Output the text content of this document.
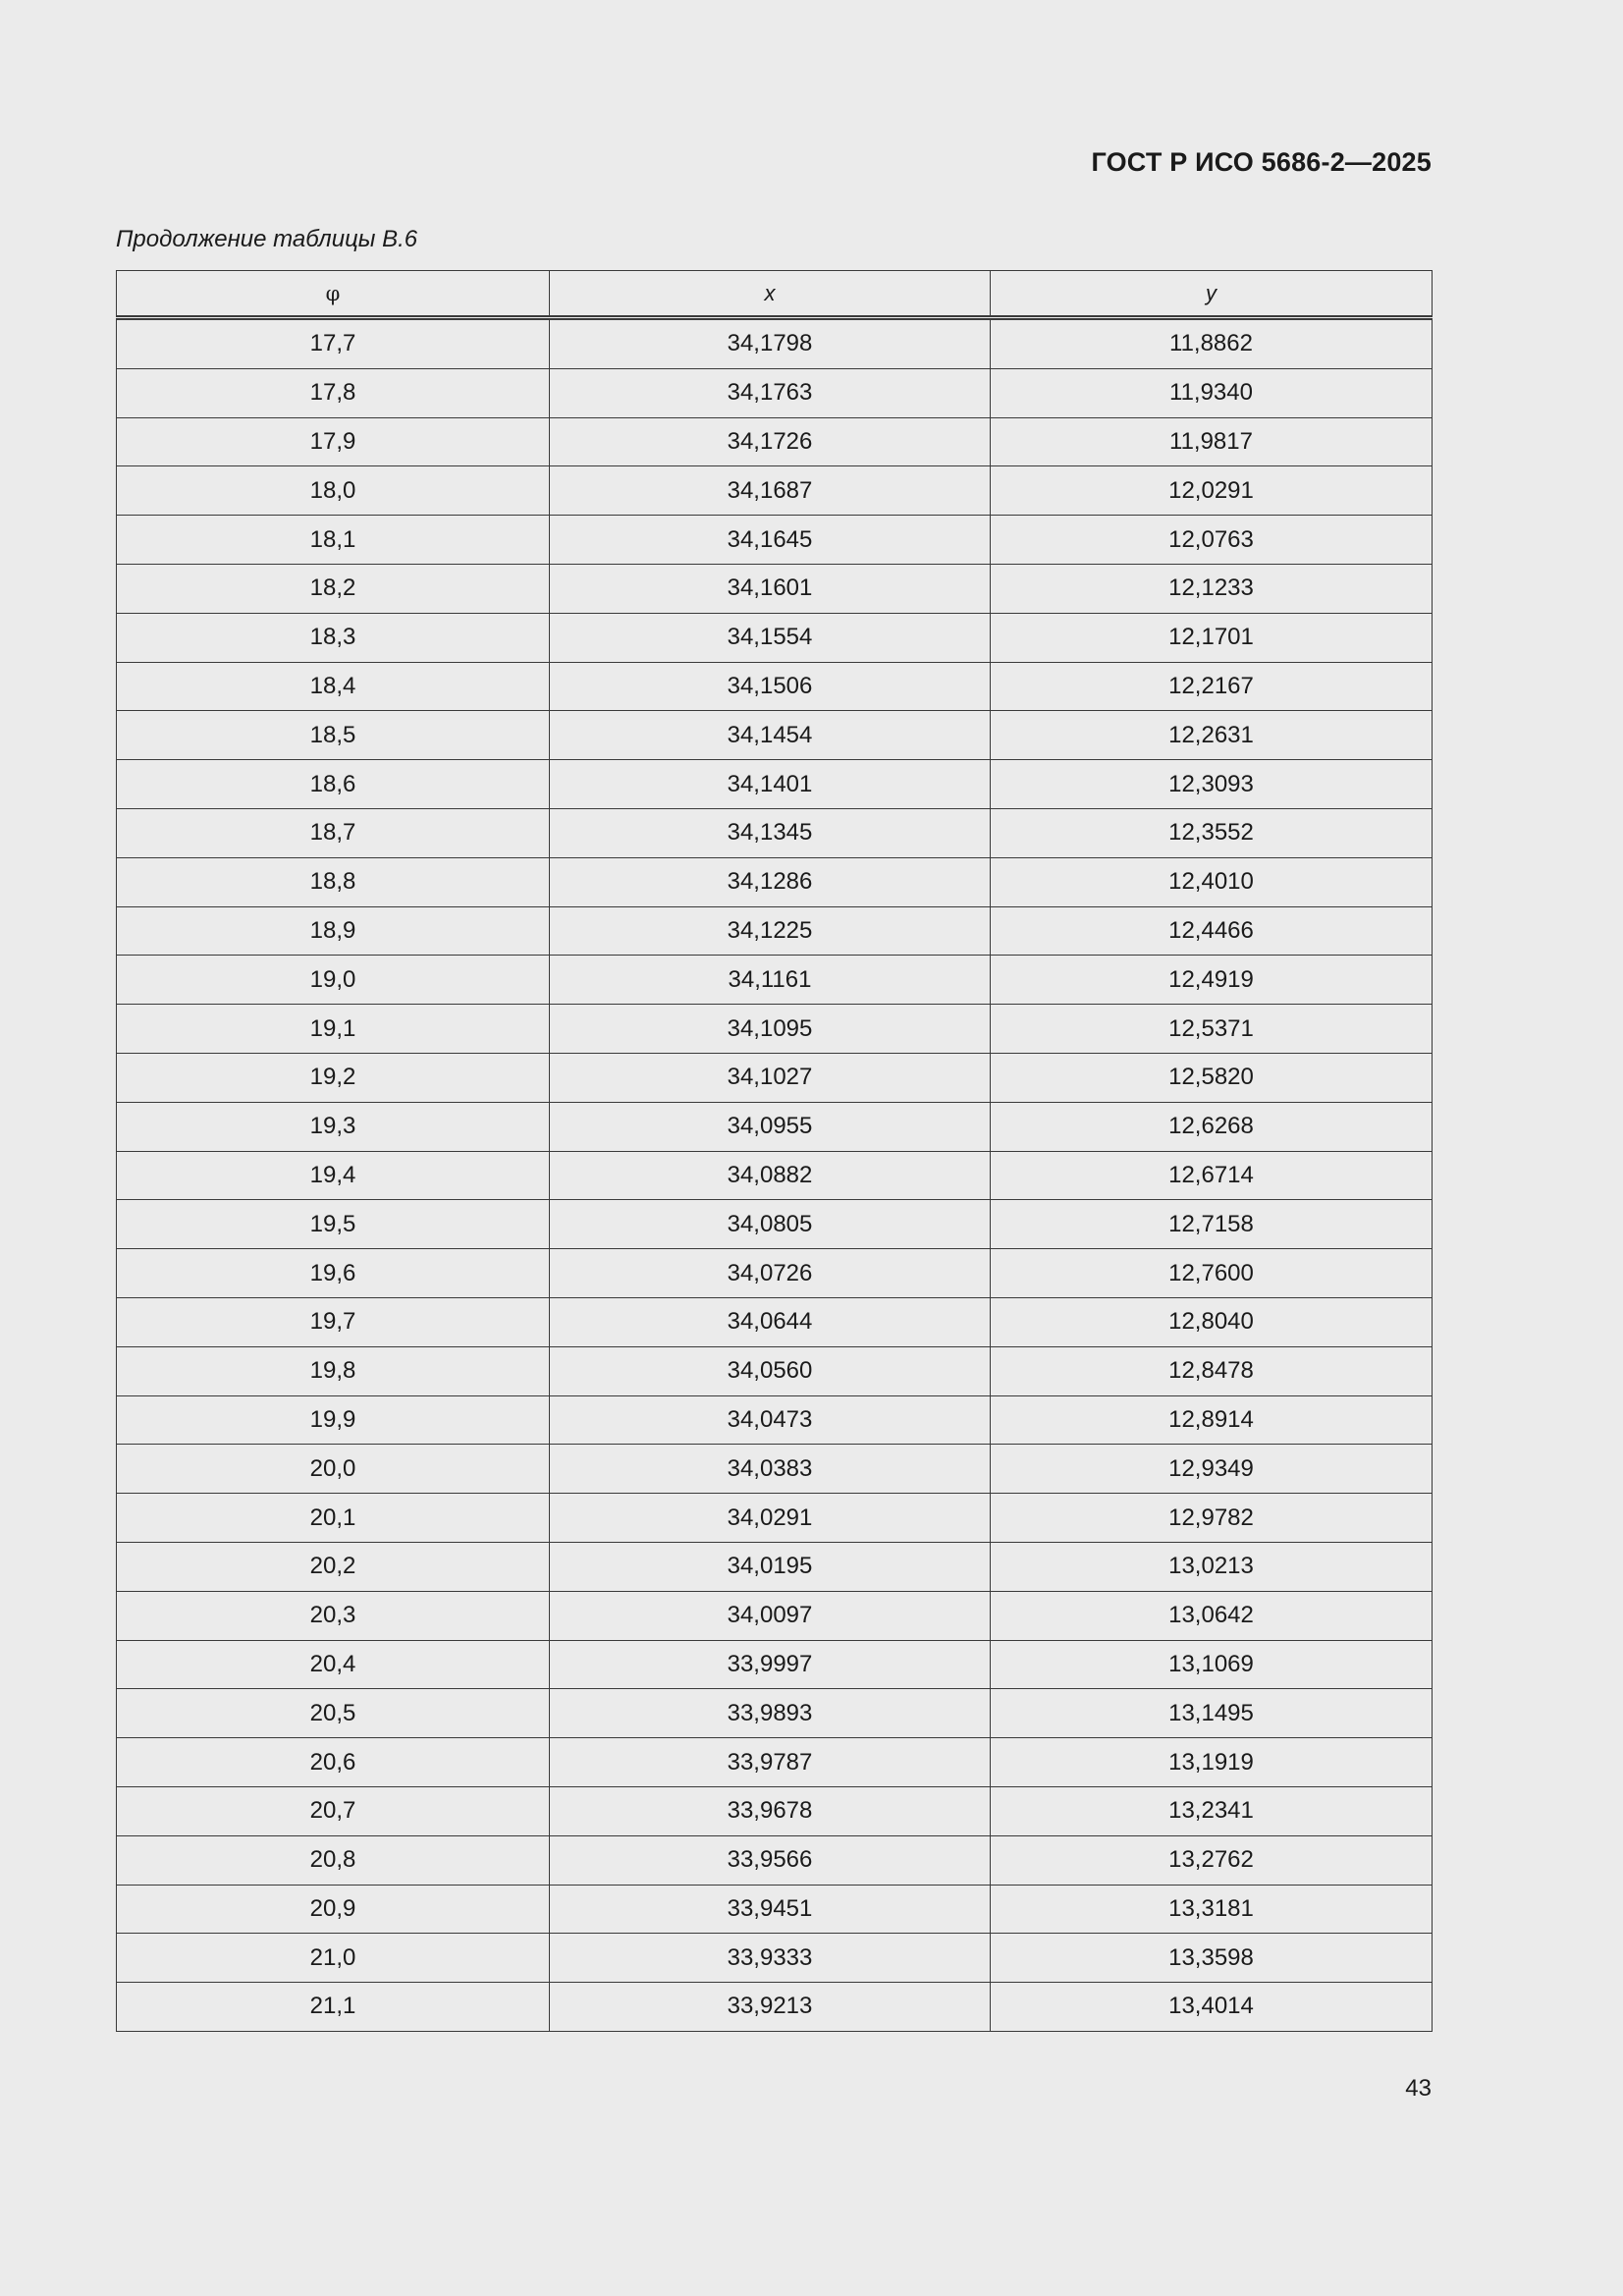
ГОСТ Р ИСО 5686-2—2025
Продолжение таблицы В.6
φ	x	y
17,7	34,1798	11,8862
17,8	34,1763	11,9340
17,9	34,1726	11,9817
18,0	34,1687	12,0291
18,1	34,1645	12,0763
18,2	34,1601	12,1233
18,3	34,1554	12,1701
18,4	34,1506	12,2167
18,5	34,1454	12,2631
18,6	34,1401	12,3093
18,7	34,1345	12,3552
18,8	34,1286	12,4010
18,9	34,1225	12,4466
19,0	34,1161	12,4919
19,1	34,1095	12,5371
19,2	34,1027	12,5820
19,3	34,0955	12,6268
19,4	34,0882	12,6714
19,5	34,0805	12,7158
19,6	34,0726	12,7600
19,7	34,0644	12,8040
19,8	34,0560	12,8478
19,9	34,0473	12,8914
20,0	34,0383	12,9349
20,1	34,0291	12,9782
20,2	34,0195	13,0213
20,3	34,0097	13,0642
20,4	33,9997	13,1069
20,5	33,9893	13,1495
20,6	33,9787	13,1919
20,7	33,9678	13,2341
20,8	33,9566	13,2762
20,9	33,9451	13,3181
21,0	33,9333	13,3598
21,1	33,9213	13,4014
43
